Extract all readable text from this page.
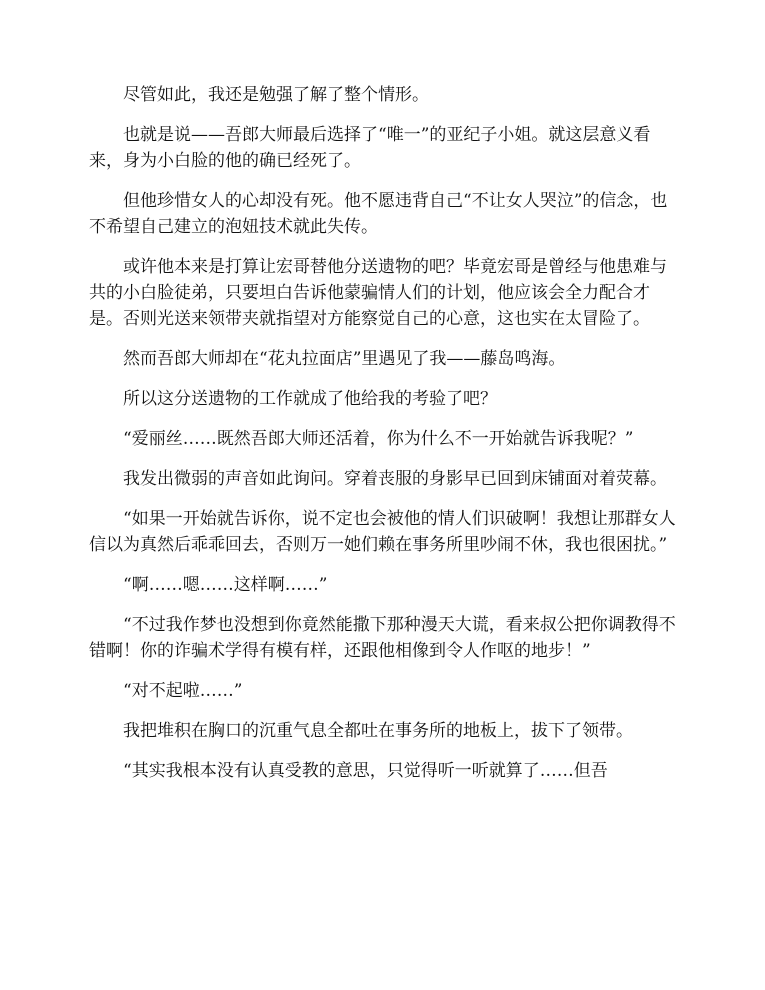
尽管如此，我还是勉强了解了整个情形。

也就是说——吾郎大师最后选择了“唯一”的亚纪子小姐。就这层意义看来，身为小白脸的他的确已经死了。

但他珍惜女人的心却没有死。他不愿违背自己“不让女人哭泣”的信念，也不希望自己建立的泡妞技术就此失传。

或许他本来是打算让宏哥替他分送遗物的吧？毕竟宏哥是曾经与他患难与共的小白脸徒弟，只要坦白告诉他蒙骗情人们的计划，他应该会全力配合才是。否则光送来领带夹就指望对方能察觉自己的心意，这也实在太冒险了。

然而吾郎大师却在“花丸拉面店”里遇见了我——藤岛鸣海。

所以这分送遗物的工作就成了他给我的考验了吧？

“爱丽丝……既然吾郎大师还活着，你为什么不一开始就告诉我呢？”

我发出微弱的声音如此询问。穿着丧服的身影早已回到床铺面对着荧幕。

“如果一开始就告诉你，说不定也会被他的情人们识破啊！我想让那群女人信以为真然后乖乖回去，否则万一她们赖在事务所里吵闹不休，我也很困扰。”

“啊……嗯……这样啊……”

“不过我作梦也没想到你竟然能撒下那种漫天大谎，看来叔公把你调教得不错啊！你的诈骗术学得有模有样，还跟他相像到令人作呕的地步！”

“对不起啦……”

我把堆积在胸口的沉重气息全都吐在事务所的地板上，拔下了领带。

“其实我根本没有认真受教的意思，只觉得听一听就算了……但吾
